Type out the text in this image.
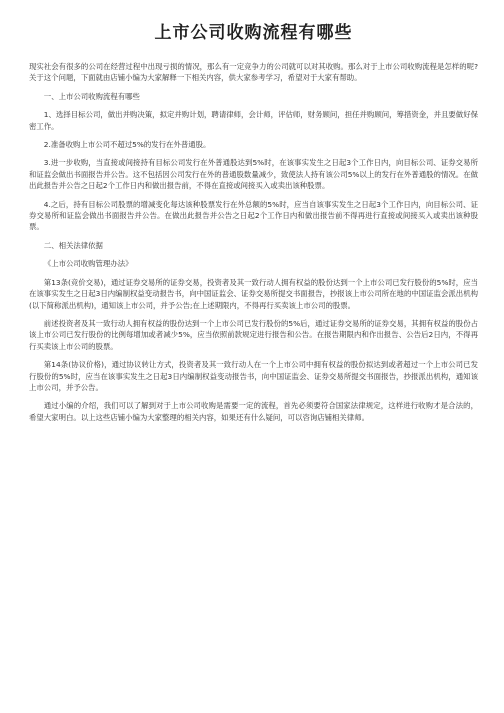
上市公司收购流程有哪些

现实社会有很多的公司在经营过程中出现亏损的情况，那么有一定竞争力的公司就可以对其收购。那么对于上市公司收购流程是怎样的呢?关于这个问题，下面就由店铺小编为大家解释一下相关内容，供大家参考学习，希望对于大家有帮助。

一、上市公司收购流程有哪些

1、选择目标公司，做出并购决策，拟定并购计划，聘请律师，会计师，评估师，财务顾问，担任并购顾问，筹措资金，并且要做好保密工作。

2.准备收购上市公司不超过5%的发行在外普通股。

3.进一步收购，当直接或间接持有目标公司发行在外普通股达到5%时，在该事实发生之日起3个工作日内，向目标公司、证券交易所和证监会做出书面报告并公告。这不包括因公司发行在外的普通股数量减少，致使法人持有该公司5%以上的发行在外普通股的情况。在做出此报告并公告之日起2个工作日内和做出报告前，不得在直接或间接买入或卖出该种股票。

4.之后，持有目标公司股票的增减变化每达该种股票发行在外总额的5%时，应当自该事实发生之日起3个工作日内，向目标公司、证券交易所和证监会做出书面报告并公告。在做出此报告并公告之日起2个工作日内和做出报告前不得再进行直接或间接买入或卖出该种股票。

二、相关法律依据

《上市公司收购管理办法》

第13条(竞价交易)，通过证券交易所的证券交易，投资者及其一致行动人拥有权益的股份达到一个上市公司已发行股份的5%时，应当在该事实发生之日起3日内编制权益变动报告书，向中国证监会、证券交易所提交书面报告，抄报该上市公司所在地的中国证监会派出机构(以下简称派出机构)，通知该上市公司，并予公告;在上述期限内，不得再行买卖该上市公司的股票。

前述投资者及其一致行动人拥有权益的股份达到一个上市公司已发行股份的5%后，通过证券交易所的证券交易，其拥有权益的股份占该上市公司已发行股份的比例每增加或者减少5%，应当依照前款规定进行报告和公告。在报告期限内和作出报告、公告后2日内，不得再行买卖该上市公司的股票。

第14条(协议价格)，通过协议转让方式，投资者及其一致行动人在一个上市公司中拥有权益的股份拟达到或者超过一个上市公司已发行股份的5%时，应当在该事实发生之日起3日内编制权益变动报告书，向中国证监会、证券交易所提交书面报告，抄报派出机构，通知该上市公司，并予公告。

通过小编的介绍，我们可以了解到对于上市公司收购是需要一定的流程，首先必须要符合国家法律规定，这样进行收购才是合法的，希望大家明白。以上这些店铺小编为大家整理的相关内容，如果还有什么疑问，可以咨询店铺相关律师。
